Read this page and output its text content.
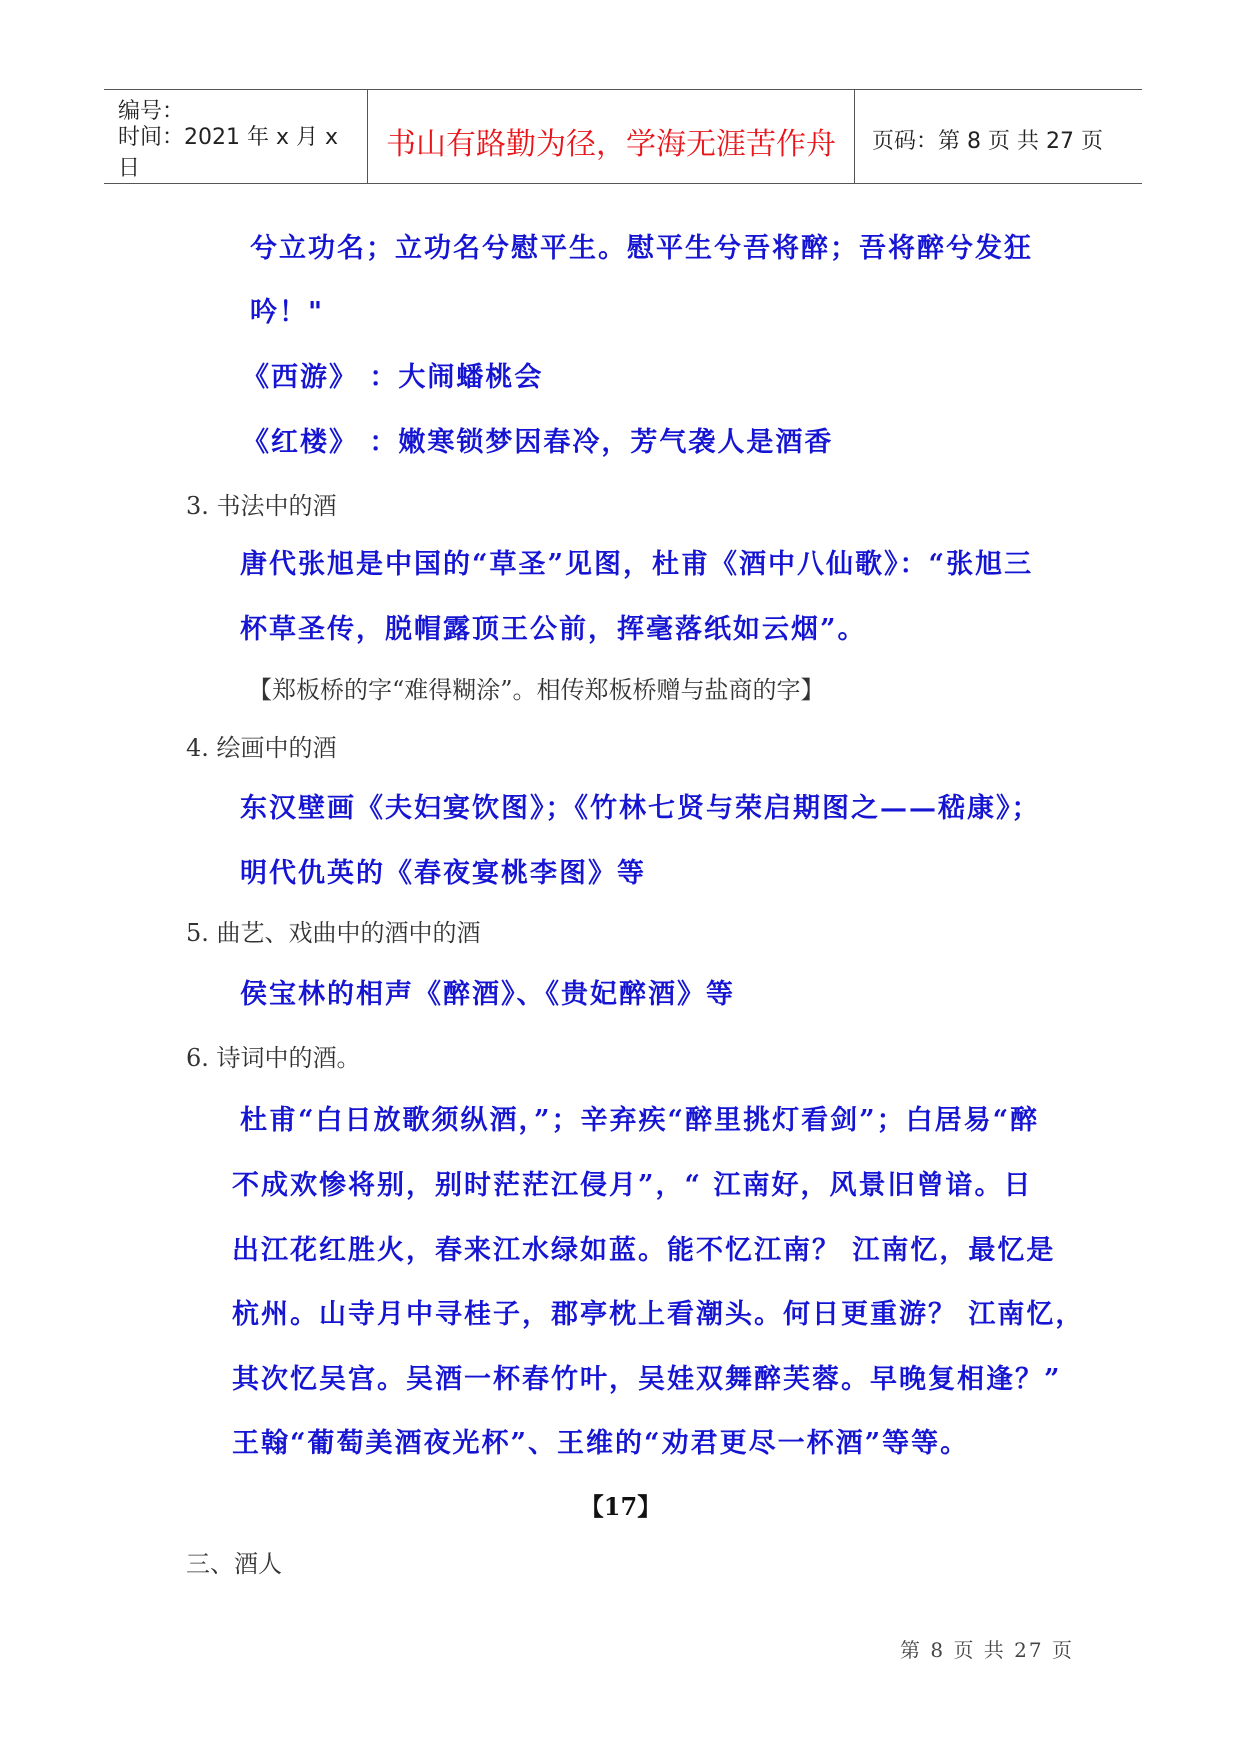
编号：
时间：2021 年 x 月 x 日
书山有路勤为径，学海无涯苦作舟	页码：第 8 页 共 27 页
兮立功名；立功名兮慰平生。慰平生兮吾将醉；吾将醉兮发狂
吟！"
《西游》 ：大闹蟠桃会
《红楼》 ：嫩寒锁梦因春冷，芳气袭人是酒香
3. 书法中的酒
唐代张旭是中国的“草圣”见图，杜甫《酒中八仙歌》：“张旭三
杯草圣传，脱帽露顶王公前，挥毫落纸如云烟”。
【郑板桥的字“难得糊涂”。相传郑板桥赠与盐商的字】
4. 绘画中的酒
东汉壁画《夫妇宴饮图》；《竹林七贤与荣启期图之——嵇康》；
明代仇英的《春夜宴桃李图》等
5. 曲艺、戏曲中的酒中的酒
侯宝林的相声《醉酒》、《贵妃醉酒》等
6. 诗词中的酒。
杜甫“白日放歌须纵酒，”；辛弃疾“醉里挑灯看剑”；白居易“醉
不成欢惨将别，别时茫茫江侵月”，“ 江南好，风景旧曾谙。日
出江花红胜火，春来江水绿如蓝。能不忆江南？ 江南忆，最忆是
杭州。山寺月中寻桂子，郡亭枕上看潮头。何日更重游？ 江南忆，
其次忆吴宫。吴酒一杯春竹叶，吴娃双舞醉芙蓉。早晚复相逢？”
王翰“葡萄美酒夜光杯”、王维的“劝君更尽一杯酒”等等。
【17】
三、酒人
第 8 页 共 27 页
